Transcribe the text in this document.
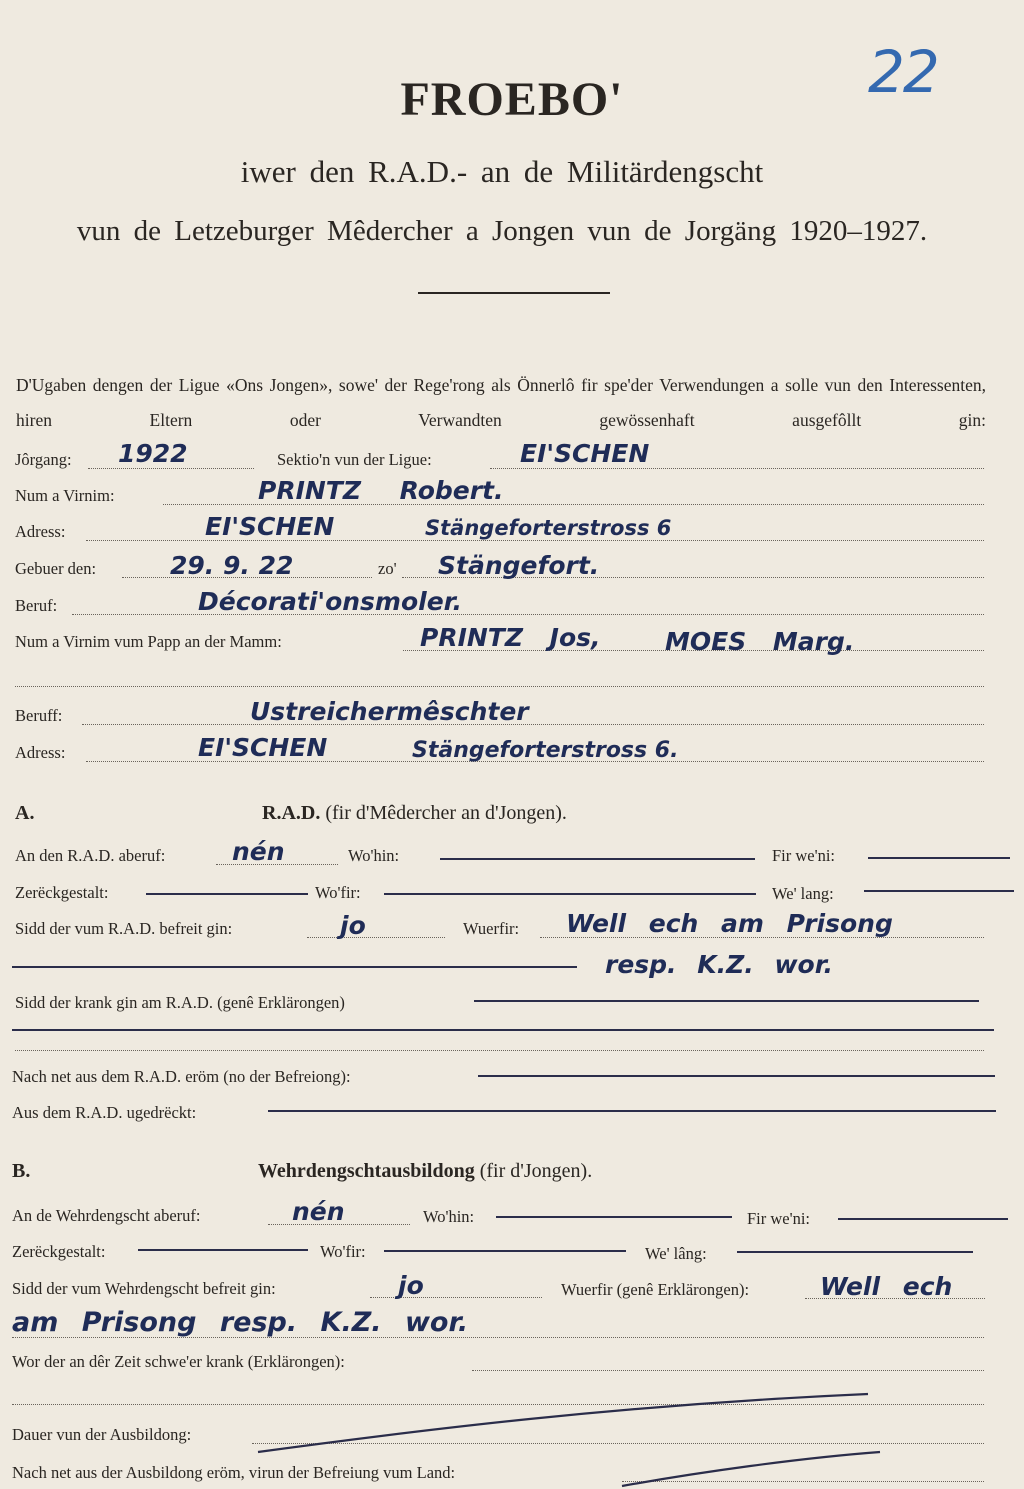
22
FROEBO'
iwer den R.A.D.- an de Militärdengscht
vun de Letzeburger Mêdercher a Jongen vun de Jorgäng 1920–1927.
D'Ugaben dengen der Ligue «Ons Jongen», sowe' der Rege'rong als Önnerlô fir spe'der Verwendungen a solle vun den Interessenten, hiren Eltern oder Verwandten gewössenhaft ausgefôllt gin:
Jôrgang: 1922	Sektio'n vun der Ligue:	EI'SCHEN
Num a Virnim:	PRINTZ Robert.
Adress:	EI'SCHEN	Stängeforterstross 6
Gebuer den:	29. 9. 22	zo' Stängefort.
Beruf:	Décorati'onsmoler.
Num a Virnim vum Papp an der Mamm:	PRINTZ Jos,	MOES Marg.
Beruff:	Ustreichermêschter
Adress:	EI'SCHEN	Stängeforterstross 6.
A.	R.A.D. (fir d'Mêdercher an d'Jongen).
An den R.A.D. aberuf:	nén	Wo'hin:	Fir we'ni:
Zerëckgestalt:	Wo'fir:	We' lang:
Sidd der vum R.A.D. befreit gin:	jo	Wuerfir: Well ech am Prisong
resp. K.Z. wor.
Sidd der krank gin am R.A.D. (genê Erklärongen)
Nach net aus dem R.A.D. eröm (no der Befreiong):
Aus dem R.A.D. ugedrëckt:
B.	Wehrdengschtausbildong (fir d'Jongen).
An de Wehrdengscht aberuf:	nén	Wo'hin:	Fir we'ni:
Zerëckgestalt:	Wo'fir:	We' lâng:
Sidd der vum Wehrdengscht befreit gin:	jo	Wuerfir (genê Erklärongen):	Well ech
am Prisong resp. K.Z. wor.
Wor der an dêr Zeit schwe'er krank (Erklärongen):
Dauer vun der Ausbildong:
Nach net aus der Ausbildong eröm, virun der Befreiung vum Land:
